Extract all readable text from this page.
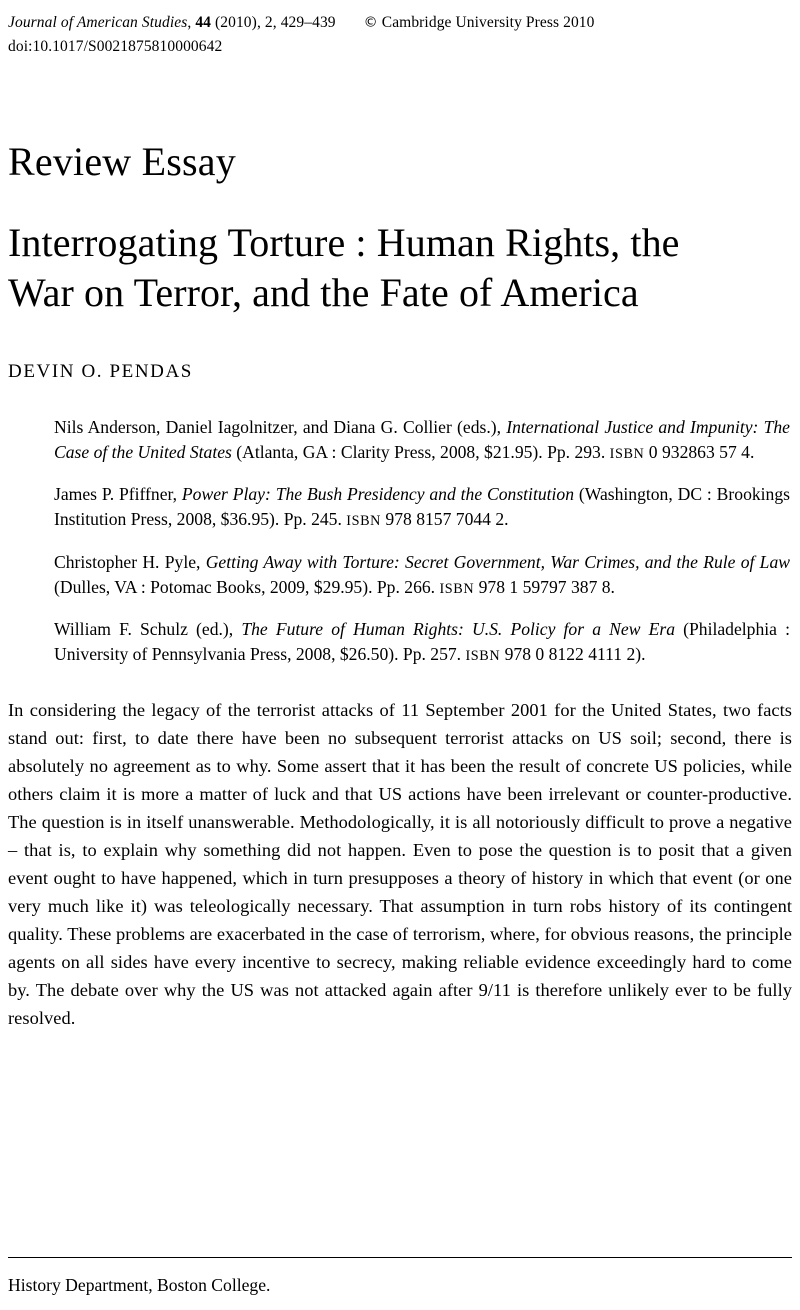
Journal of American Studies, 44 (2010), 2, 429–439 © Cambridge University Press 2010
doi:10.1017/S0021875810000642
Review Essay
Interrogating Torture : Human Rights, the War on Terror, and the Fate of America
DEVIN O. PENDAS

Nils Anderson, Daniel Iagolnitzer, and Diana G. Collier (eds.), International Justice and Impunity: The Case of the United States (Atlanta, GA : Clarity Press, 2008, $21.95). Pp. 293. ISBN 0 932863 57 4.

James P. Pfiffner, Power Play: The Bush Presidency and the Constitution (Washington, DC : Brookings Institution Press, 2008, $36.95). Pp. 245. ISBN 978 8157 7044 2.

Christopher H. Pyle, Getting Away with Torture: Secret Government, War Crimes, and the Rule of Law (Dulles, VA : Potomac Books, 2009, $29.95). Pp. 266. ISBN 978 1 59797 387 8.

William F. Schulz (ed.), The Future of Human Rights: U.S. Policy for a New Era (Philadelphia : University of Pennsylvania Press, 2008, $26.50). Pp. 257. ISBN 978 0 8122 4111 2).

In considering the legacy of the terrorist attacks of 11 September 2001 for the United States, two facts stand out: first, to date there have been no subsequent terrorist attacks on US soil; second, there is absolutely no agreement as to why. Some assert that it has been the result of concrete US policies, while others claim it is more a matter of luck and that US actions have been irrelevant or counter-productive. The question is in itself unanswerable. Methodologically, it is all notoriously difficult to prove a negative – that is, to explain why something did not happen. Even to pose the question is to posit that a given event ought to have happened, which in turn presupposes a theory of history in which that event (or one very much like it) was teleologically necessary. That assumption in turn robs history of its contingent quality. These problems are exacerbated in the case of terrorism, where, for obvious reasons, the principle agents on all sides have every incentive to secrecy, making reliable evidence exceedingly hard to come by. The debate over why the US was not attacked again after 9/11 is therefore unlikely ever to be fully resolved.
History Department, Boston College.
